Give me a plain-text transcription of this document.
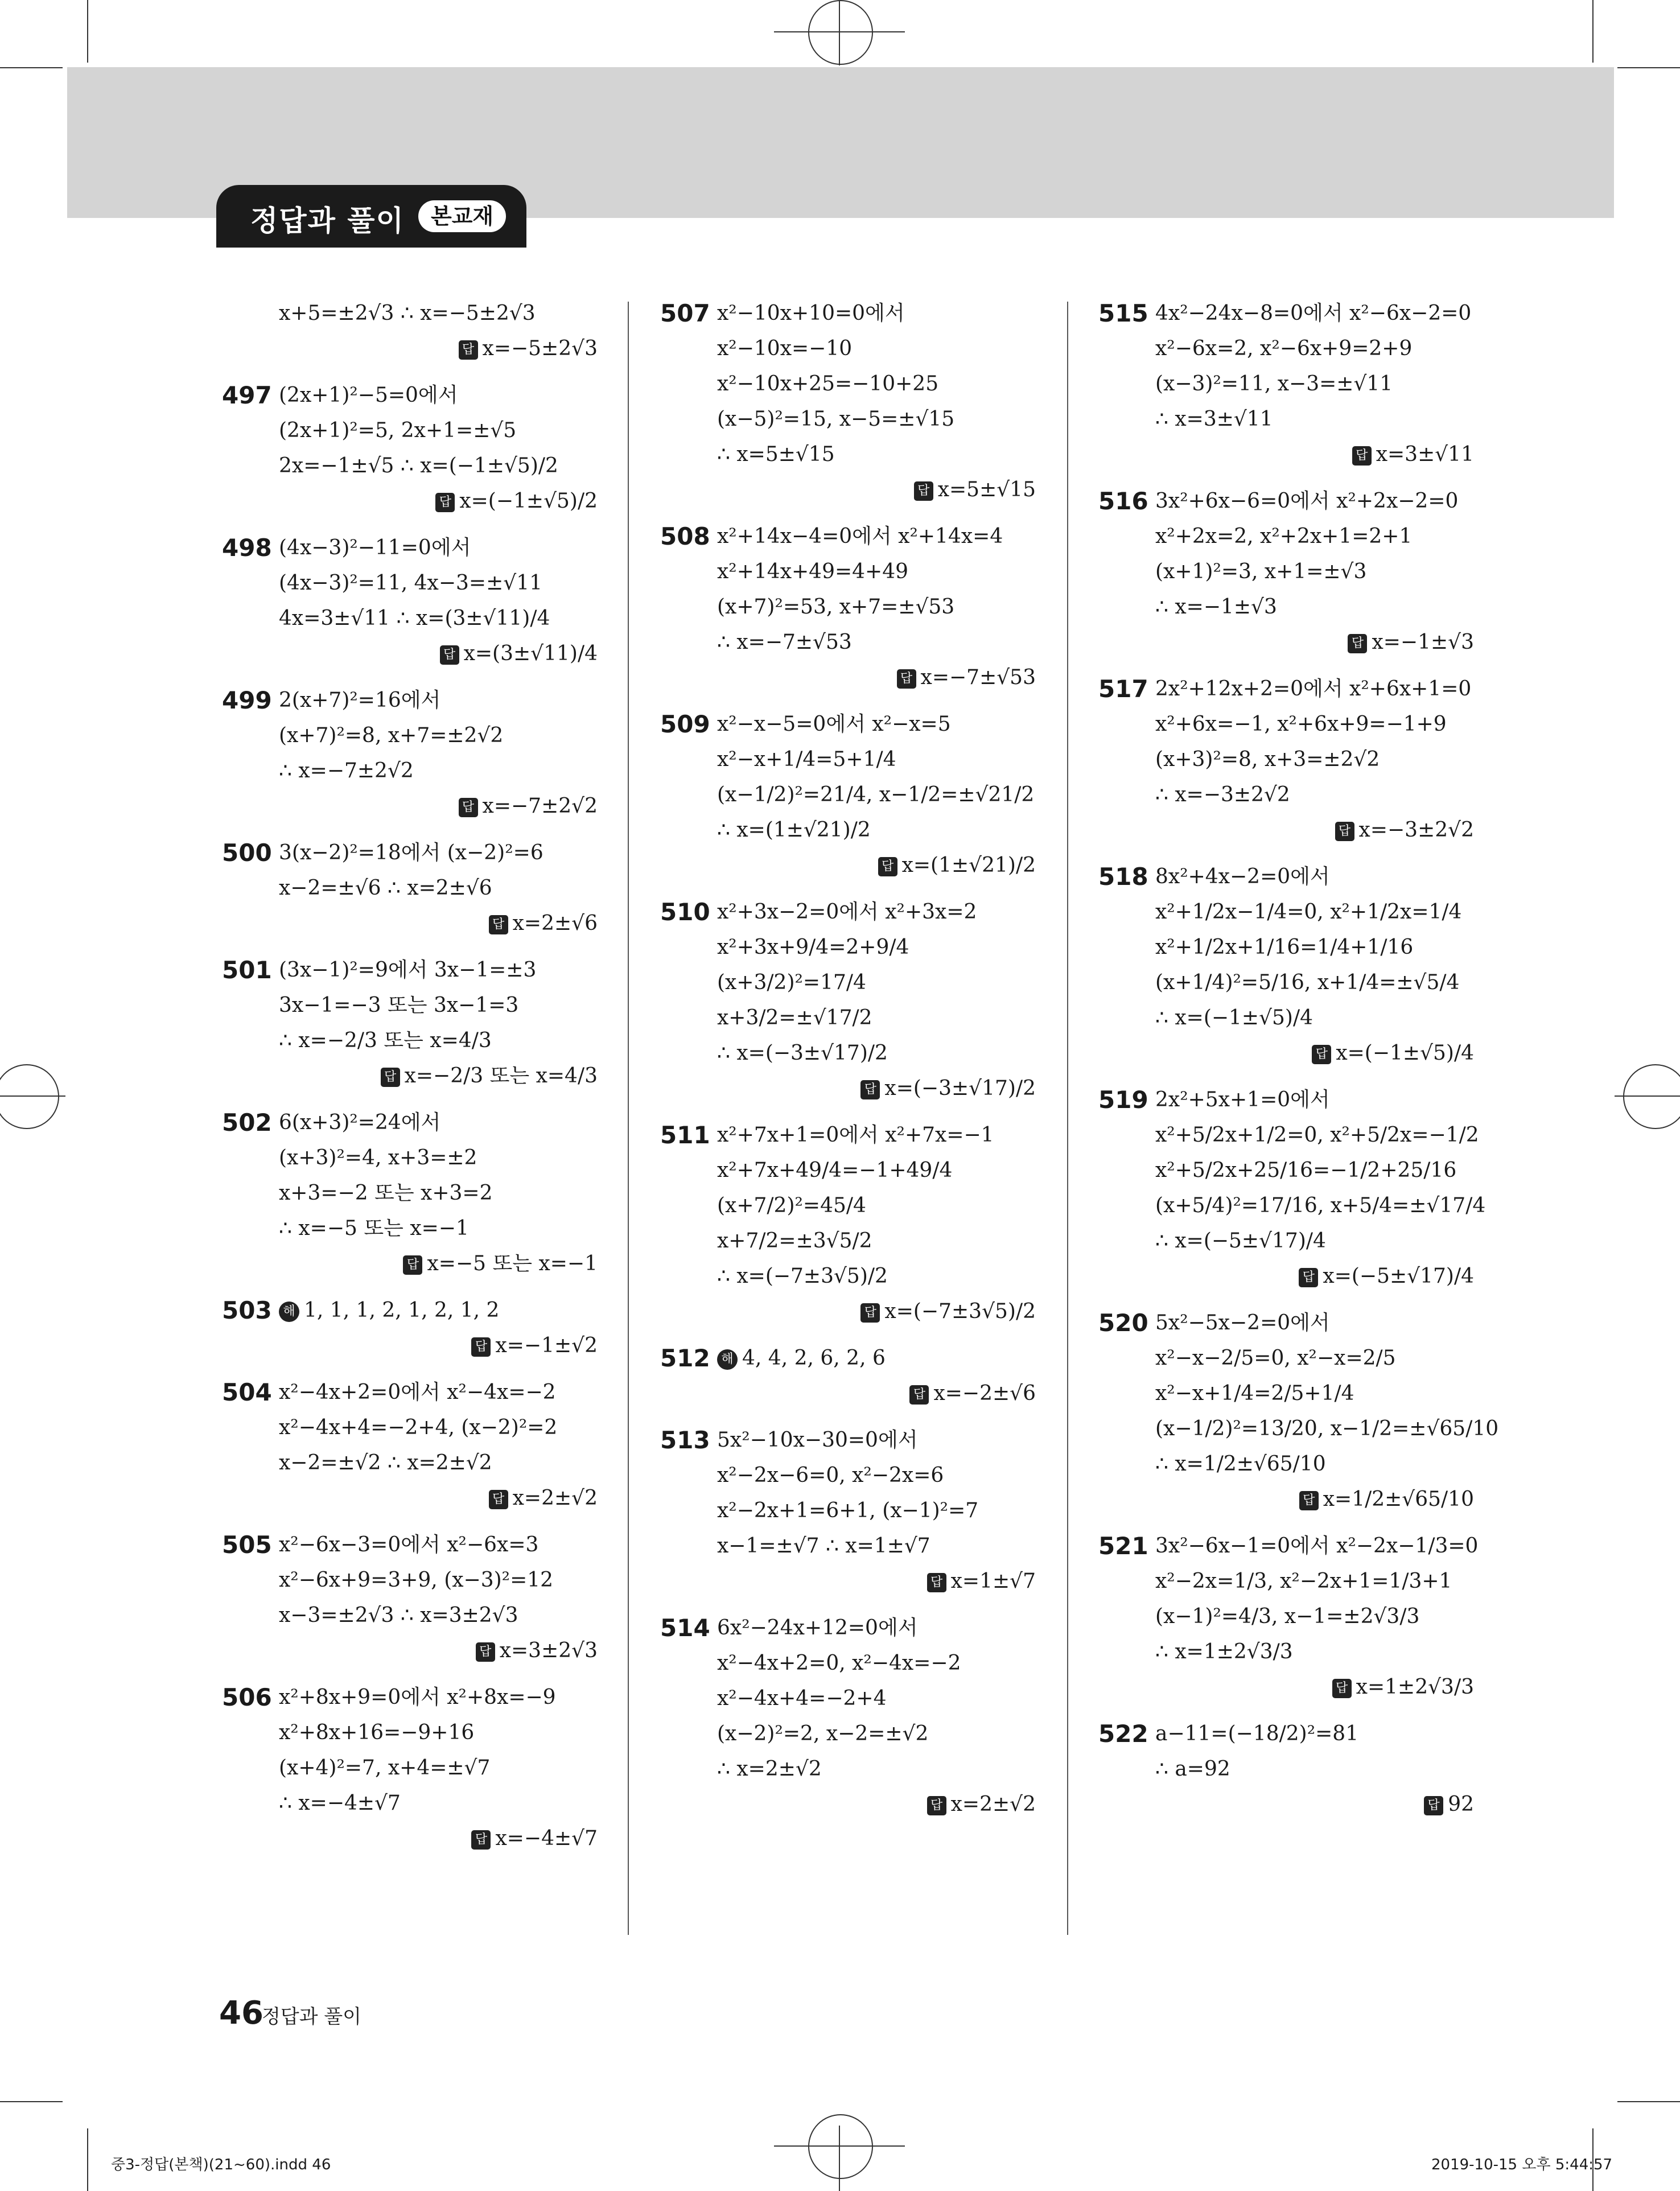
정답과 풀이	본교재
x+5=±2√3 ∴ x=−5±2√3
답 x=−5±2√3
497 (2x+1)²−5=0에서
(2x+1)²=5, 2x+1=±√5
2x=−1±√5 ∴ x=(−1±√5)/2
답 x=(−1±√5)/2
498 (4x−3)²−11=0에서
(4x−3)²=11, 4x−3=±√11
4x=3±√11 ∴ x=(3±√11)/4
답 x=(3±√11)/4
499 2(x+7)²=16에서
(x+7)²=8, x+7=±2√2
∴ x=−7±2√2
답 x=−7±2√2
500 3(x−2)²=18에서 (x−2)²=6
x−2=±√6 ∴ x=2±√6
답 x=2±√6
501 (3x−1)²=9에서 3x−1=±3
3x−1=−3 또는 3x−1=3
∴ x=−2/3 또는 x=4/3
답 x=−2/3 또는 x=4/3
502 6(x+3)²=24에서
(x+3)²=4, x+3=±2
x+3=−2 또는 x+3=2
∴ x=−5 또는 x=−1
답 x=−5 또는 x=−1
503 해 1, 1, 1, 2, 1, 2, 1, 2
답 x=−1±√2
504 x²−4x+2=0에서 x²−4x=−2
x²−4x+4=−2+4, (x−2)²=2
x−2=±√2 ∴ x=2±√2
답 x=2±√2
505 x²−6x−3=0에서 x²−6x=3
x²−6x+9=3+9, (x−3)²=12
x−3=±2√3 ∴ x=3±2√3
답 x=3±2√3
506 x²+8x+9=0에서 x²+8x=−9
x²+8x+16=−9+16
(x+4)²=7, x+4=±√7
∴ x=−4±√7
답 x=−4±√7
507 x²−10x+10=0에서
x²−10x=−10
x²−10x+25=−10+25
(x−5)²=15, x−5=±√15
∴ x=5±√15
답 x=5±√15
508 x²+14x−4=0에서 x²+14x=4
x²+14x+49=4+49
(x+7)²=53, x+7=±√53
∴ x=−7±√53
답 x=−7±√53
509 x²−x−5=0에서 x²−x=5
x²−x+1/4=5+1/4
(x−1/2)²=21/4, x−1/2=±√21/2
∴ x=(1±√21)/2
답 x=(1±√21)/2
510 x²+3x−2=0에서 x²+3x=2
x²+3x+9/4=2+9/4
(x+3/2)²=17/4
x+3/2=±√17/2
∴ x=(−3±√17)/2
답 x=(−3±√17)/2
511 x²+7x+1=0에서 x²+7x=−1
x²+7x+49/4=−1+49/4
(x+7/2)²=45/4
x+7/2=±3√5/2
∴ x=(−7±3√5)/2
답 x=(−7±3√5)/2
512 해 4, 4, 2, 6, 2, 6
답 x=−2±√6
513 5x²−10x−30=0에서
x²−2x−6=0, x²−2x=6
x²−2x+1=6+1, (x−1)²=7
x−1=±√7 ∴ x=1±√7
답 x=1±√7
514 6x²−24x+12=0에서
x²−4x+2=0, x²−4x=−2
x²−4x+4=−2+4
(x−2)²=2, x−2=±√2
∴ x=2±√2
답 x=2±√2
515 4x²−24x−8=0에서 x²−6x−2=0
x²−6x=2, x²−6x+9=2+9
(x−3)²=11, x−3=±√11
∴ x=3±√11
답 x=3±√11
516 3x²+6x−6=0에서 x²+2x−2=0
x²+2x=2, x²+2x+1=2+1
(x+1)²=3, x+1=±√3
∴ x=−1±√3
답 x=−1±√3
517 2x²+12x+2=0에서 x²+6x+1=0
x²+6x=−1, x²+6x+9=−1+9
(x+3)²=8, x+3=±2√2
∴ x=−3±2√2
답 x=−3±2√2
518 8x²+4x−2=0에서
x²+1/2x−1/4=0, x²+1/2x=1/4
x²+1/2x+1/16=1/4+1/16
(x+1/4)²=5/16, x+1/4=±√5/4
∴ x=(−1±√5)/4
답 x=(−1±√5)/4
519 2x²+5x+1=0에서
x²+5/2x+1/2=0, x²+5/2x=−1/2
x²+5/2x+25/16=−1/2+25/16
(x+5/4)²=17/16, x+5/4=±√17/4
∴ x=(−5±√17)/4
답 x=(−5±√17)/4
520 5x²−5x−2=0에서
x²−x−2/5=0, x²−x=2/5
x²−x+1/4=2/5+1/4
(x−1/2)²=13/20, x−1/2=±√65/10
∴ x=1/2±√65/10
답 x=1/2±√65/10
521 3x²−6x−1=0에서 x²−2x−1/3=0
x²−2x=1/3, x²−2x+1=1/3+1
(x−1)²=4/3, x−1=±2√3/3
∴ x=1±2√3/3
답 x=1±2√3/3
522 a−11=(−18/2)²=81
∴ a=92
답 92
46
정답과 풀이
중3-정답(본책)(21~60).indd 46	2019-10-15 오후 5:44:57
